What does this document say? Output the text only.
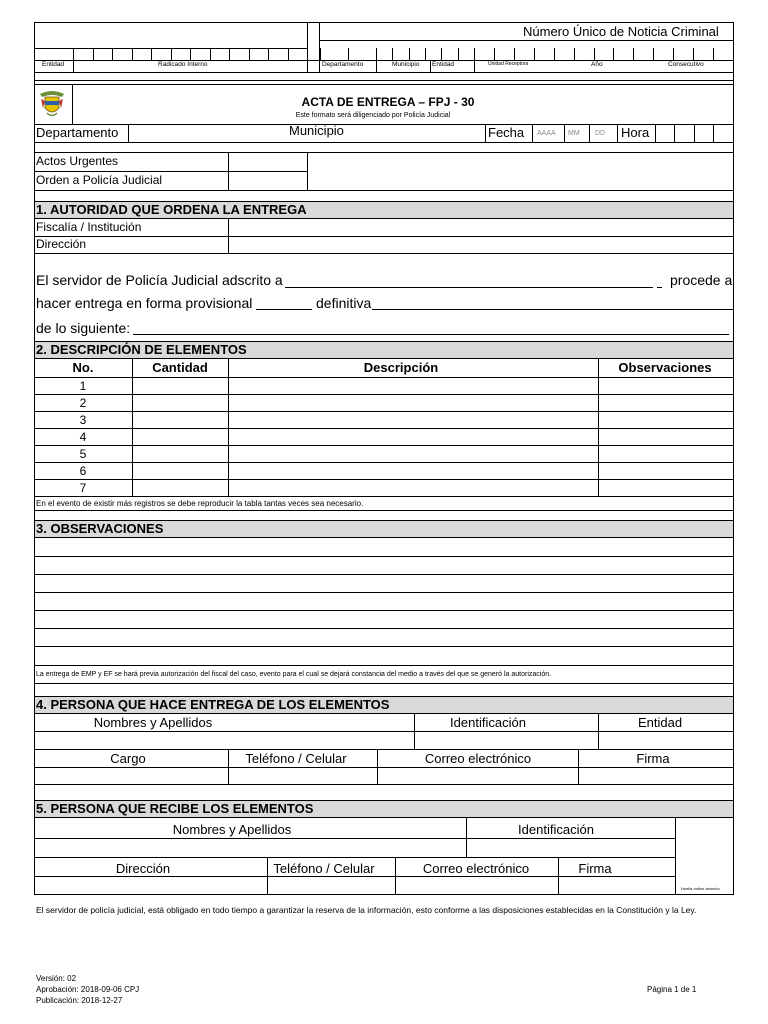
Número Único de Noticia Criminal
Entidad	Radicado Interno	Departamento	Municipio Entidad	Unidad Receptora	Año	Consecutivo
ACTA DE ENTREGA – FPJ - 30
Este formato será diligenciado por Policía Judicial
Departamento	Municipio	Fecha AAAA MM DD Hora
Actos Urgentes
Orden a Policía Judicial
1. AUTORIDAD QUE ORDENA LA ENTREGA
Fiscalía / Institución
Dirección
El servidor de Policía Judicial adscrito a	procede a
hacer entrega en forma provisional	definitiva
de lo siguiente:
2. DESCRIPCIÓN DE ELEMENTOS
No.	Cantidad	Descripción	Observaciones
1
2
3
4
5
6
7
En el evento de existir más registros se debe reproducir la tabla tantas veces sea necesario.
3. OBSERVACIONES
La entrega de EMP y EF se hará previa autorización del fiscal del caso, evento para el cual se dejará constancia del medio a través del que se generó la autorización.
4. PERSONA QUE HACE ENTREGA DE LOS ELEMENTOS
Nombres y Apellidos	Identificación	Entidad
Cargo	Teléfono / Celular	Correo electrónico	Firma
5. PERSONA QUE RECIBE LOS ELEMENTOS
Nombres y Apellidos	Identificación
Dirección	Teléfono / Celular	Correo electrónico	Firma
Huella índice derecho
El servidor de policía judicial, está obligado en todo tiempo a garantizar la reserva de la información, esto conforme a las disposiciones establecidas en la Constitución y la Ley.
Versión: 02
Aprobación: 2018-09-06 CPJ
Publicación: 2018-12-27
Página 1 de 1
